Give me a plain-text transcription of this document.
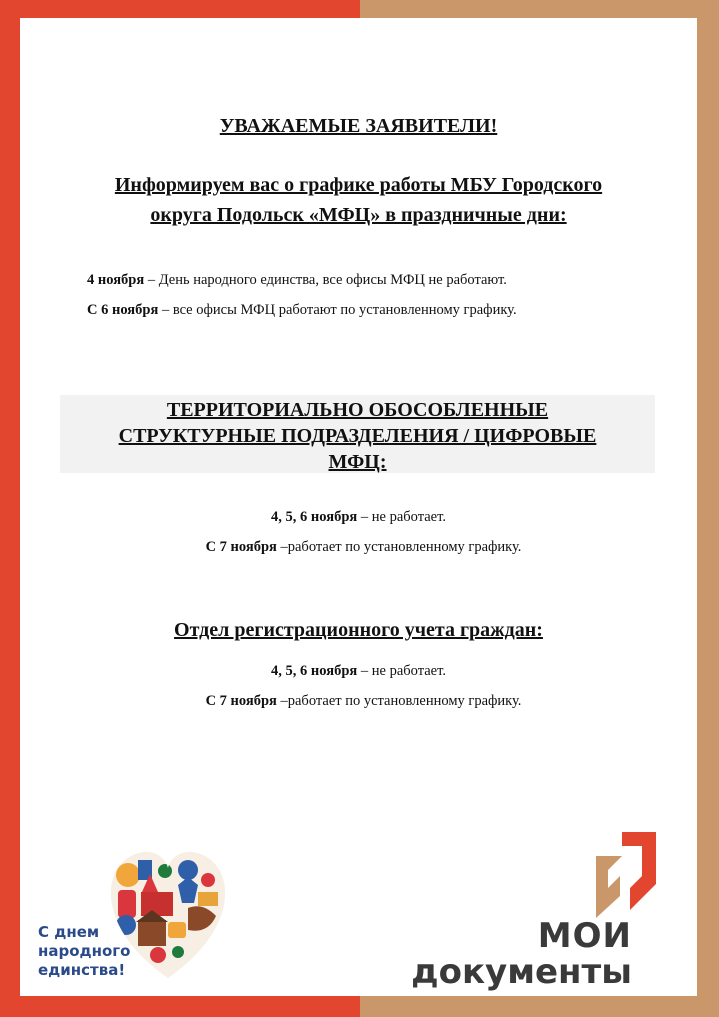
УВАЖАЕМЫЕ ЗАЯВИТЕЛИ!
Информируем вас о графике работы МБУ Городского
округа Подольск «МФЦ» в праздничные дни:
4 ноября – День народного единства, все офисы МФЦ не работают.
С 6 ноября – все офисы МФЦ работают по установленному графику.
ТЕРРИТОРИАЛЬНО ОБОСОБЛЕННЫЕ
СТРУКТУРНЫЕ ПОДРАЗДЕЛЕНИЯ / ЦИФРОВЫЕ
МФЦ:
4, 5, 6 ноября – не работает.
С 7 ноября –работает по установленному графику.
Отдел регистрационного учета граждан:
4, 5, 6 ноября – не работает.
С 7 ноября –работает по установленному графику.
С днем
народного
единства!
МОИ
документы
